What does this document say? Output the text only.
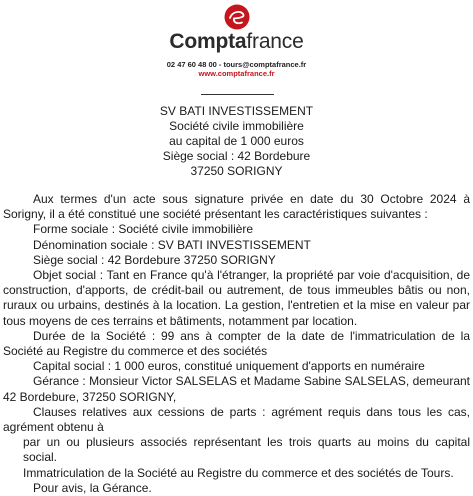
Comptafrance
02 47 60 48 00 - tours@comptafrance.fr
www.comptafrance.fr
SV BATI INVESTISSEMENT
Société civile immobilière
au capital de 1 000 euros
Siège social : 42 Bordebure
37250 SORIGNY

Aux termes d'un acte sous signature privée en date du 30 Octobre 2024 à Sorigny, il a été constitué une société présentant les caractéristiques suivantes :

Forme sociale : Société civile immobilière

Dénomination sociale : SV BATI INVESTISSEMENT

Siège social : 42 Bordebure 37250 SORIGNY

Objet social : Tant en France qu'à l'étranger, la propriété par voie d'acquisition, de construction, d'apports, de crédit-bail ou autrement, de tous immeubles bâtis ou non, ruraux ou urbains, destinés à la location. La gestion, l'entretien et la mise en valeur par tous moyens de ces terrains et bâtiments, notamment par location.

Durée de la Société : 99 ans à compter de la date de l'immatriculation de la Société au Registre du commerce et des sociétés

Capital social : 1 000 euros, constitué uniquement d'apports en numéraire

Gérance : Monsieur Victor SALSELAS et Madame Sabine SALSELAS, demeurant 42 Bordebure, 37250 SORIGNY,

Clauses relatives aux cessions de parts : agrément requis dans tous les cas, agrément obtenu à

par un ou plusieurs associés représentant les trois quarts au moins du capital social.

Immatriculation de la Société au Registre du commerce et des sociétés de Tours.

Pour avis, la Gérance.
